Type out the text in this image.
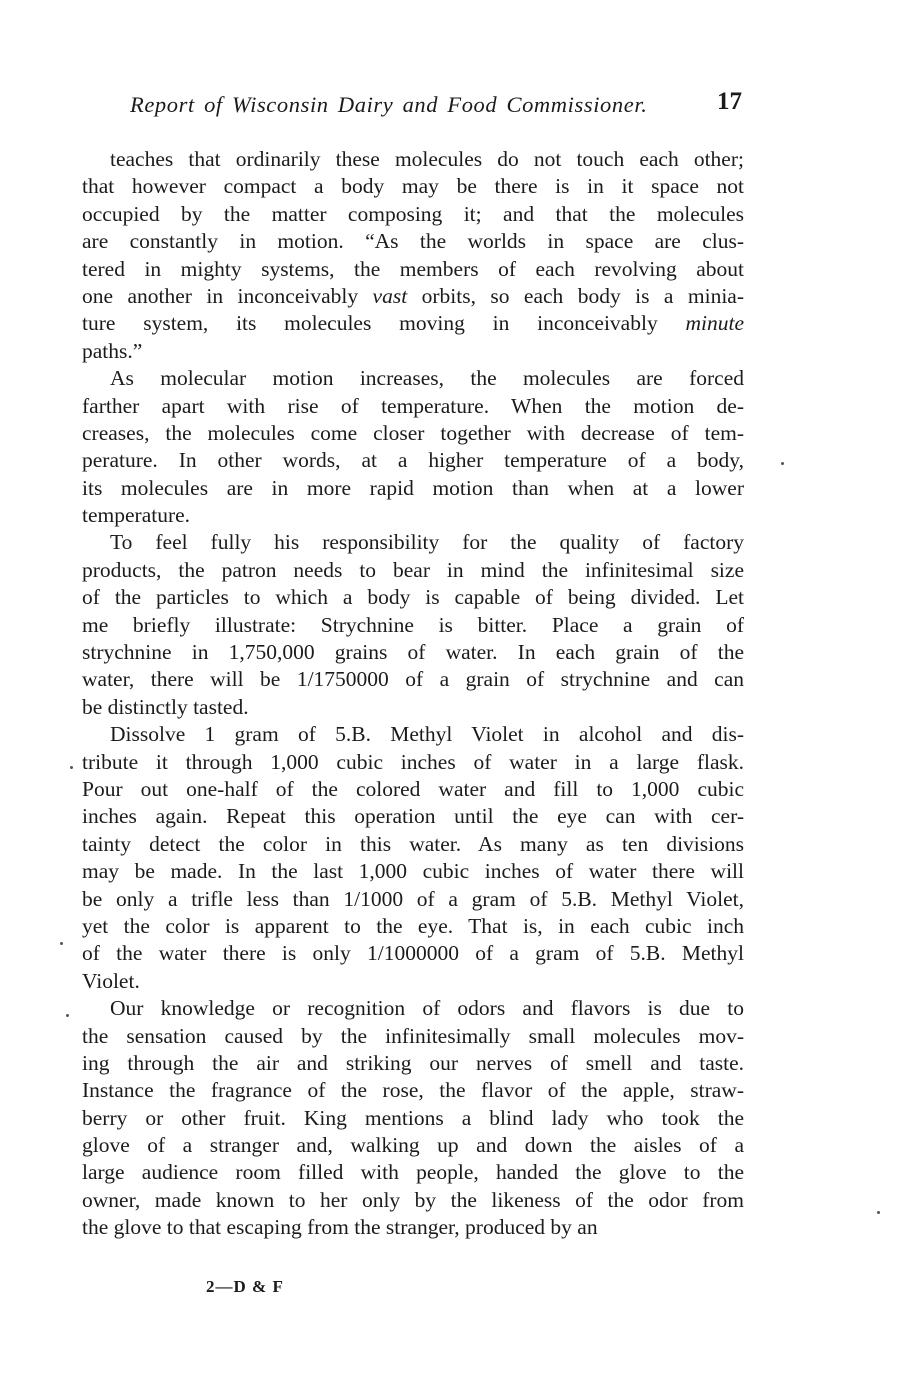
Report of Wisconsin Dairy and Food Commissioner.	17
teaches that ordinarily these molecules do not touch each other;
that however compact a body may be there is in it space not
occupied by the matter composing it; and that the molecules
are constantly in motion. “As the worlds in space are clus-
tered in mighty systems, the members of each revolving about
one another in inconceivably vast orbits, so each body is a minia-
ture system, its molecules moving in inconceivably minute
paths.”
As molecular motion increases, the molecules are forced
farther apart with rise of temperature. When the motion de-
creases, the molecules come closer together with decrease of tem-
perature. In other words, at a higher temperature of a body,
its molecules are in more rapid motion than when at a lower
temperature.
To feel fully his responsibility for the quality of factory
products, the patron needs to bear in mind the infinitesimal size
of the particles to which a body is capable of being divided. Let
me briefly illustrate: Strychnine is bitter. Place a grain of
strychnine in 1,750,000 grains of water. In each grain of the
water, there will be 1/1750000 of a grain of strychnine and can
be distinctly tasted.
Dissolve 1 gram of 5.B. Methyl Violet in alcohol and dis-
tribute it through 1,000 cubic inches of water in a large flask.
Pour out one-half of the colored water and fill to 1,000 cubic
inches again. Repeat this operation until the eye can with cer-
tainty detect the color in this water. As many as ten divisions
may be made. In the last 1,000 cubic inches of water there will
be only a trifle less than 1/1000 of a gram of 5.B. Methyl Violet,
yet the color is apparent to the eye. That is, in each cubic inch
of the water there is only 1/1000000 of a gram of 5.B. Methyl
Violet.
Our knowledge or recognition of odors and flavors is due to
the sensation caused by the infinitesimally small molecules mov-
ing through the air and striking our nerves of smell and taste.
Instance the fragrance of the rose, the flavor of the apple, straw-
berry or other fruit. King mentions a blind lady who took the
glove of a stranger and, walking up and down the aisles of a
large audience room filled with people, handed the glove to the
owner, made known to her only by the likeness of the odor from
the glove to that escaping from the stranger, produced by an
2—D & F
